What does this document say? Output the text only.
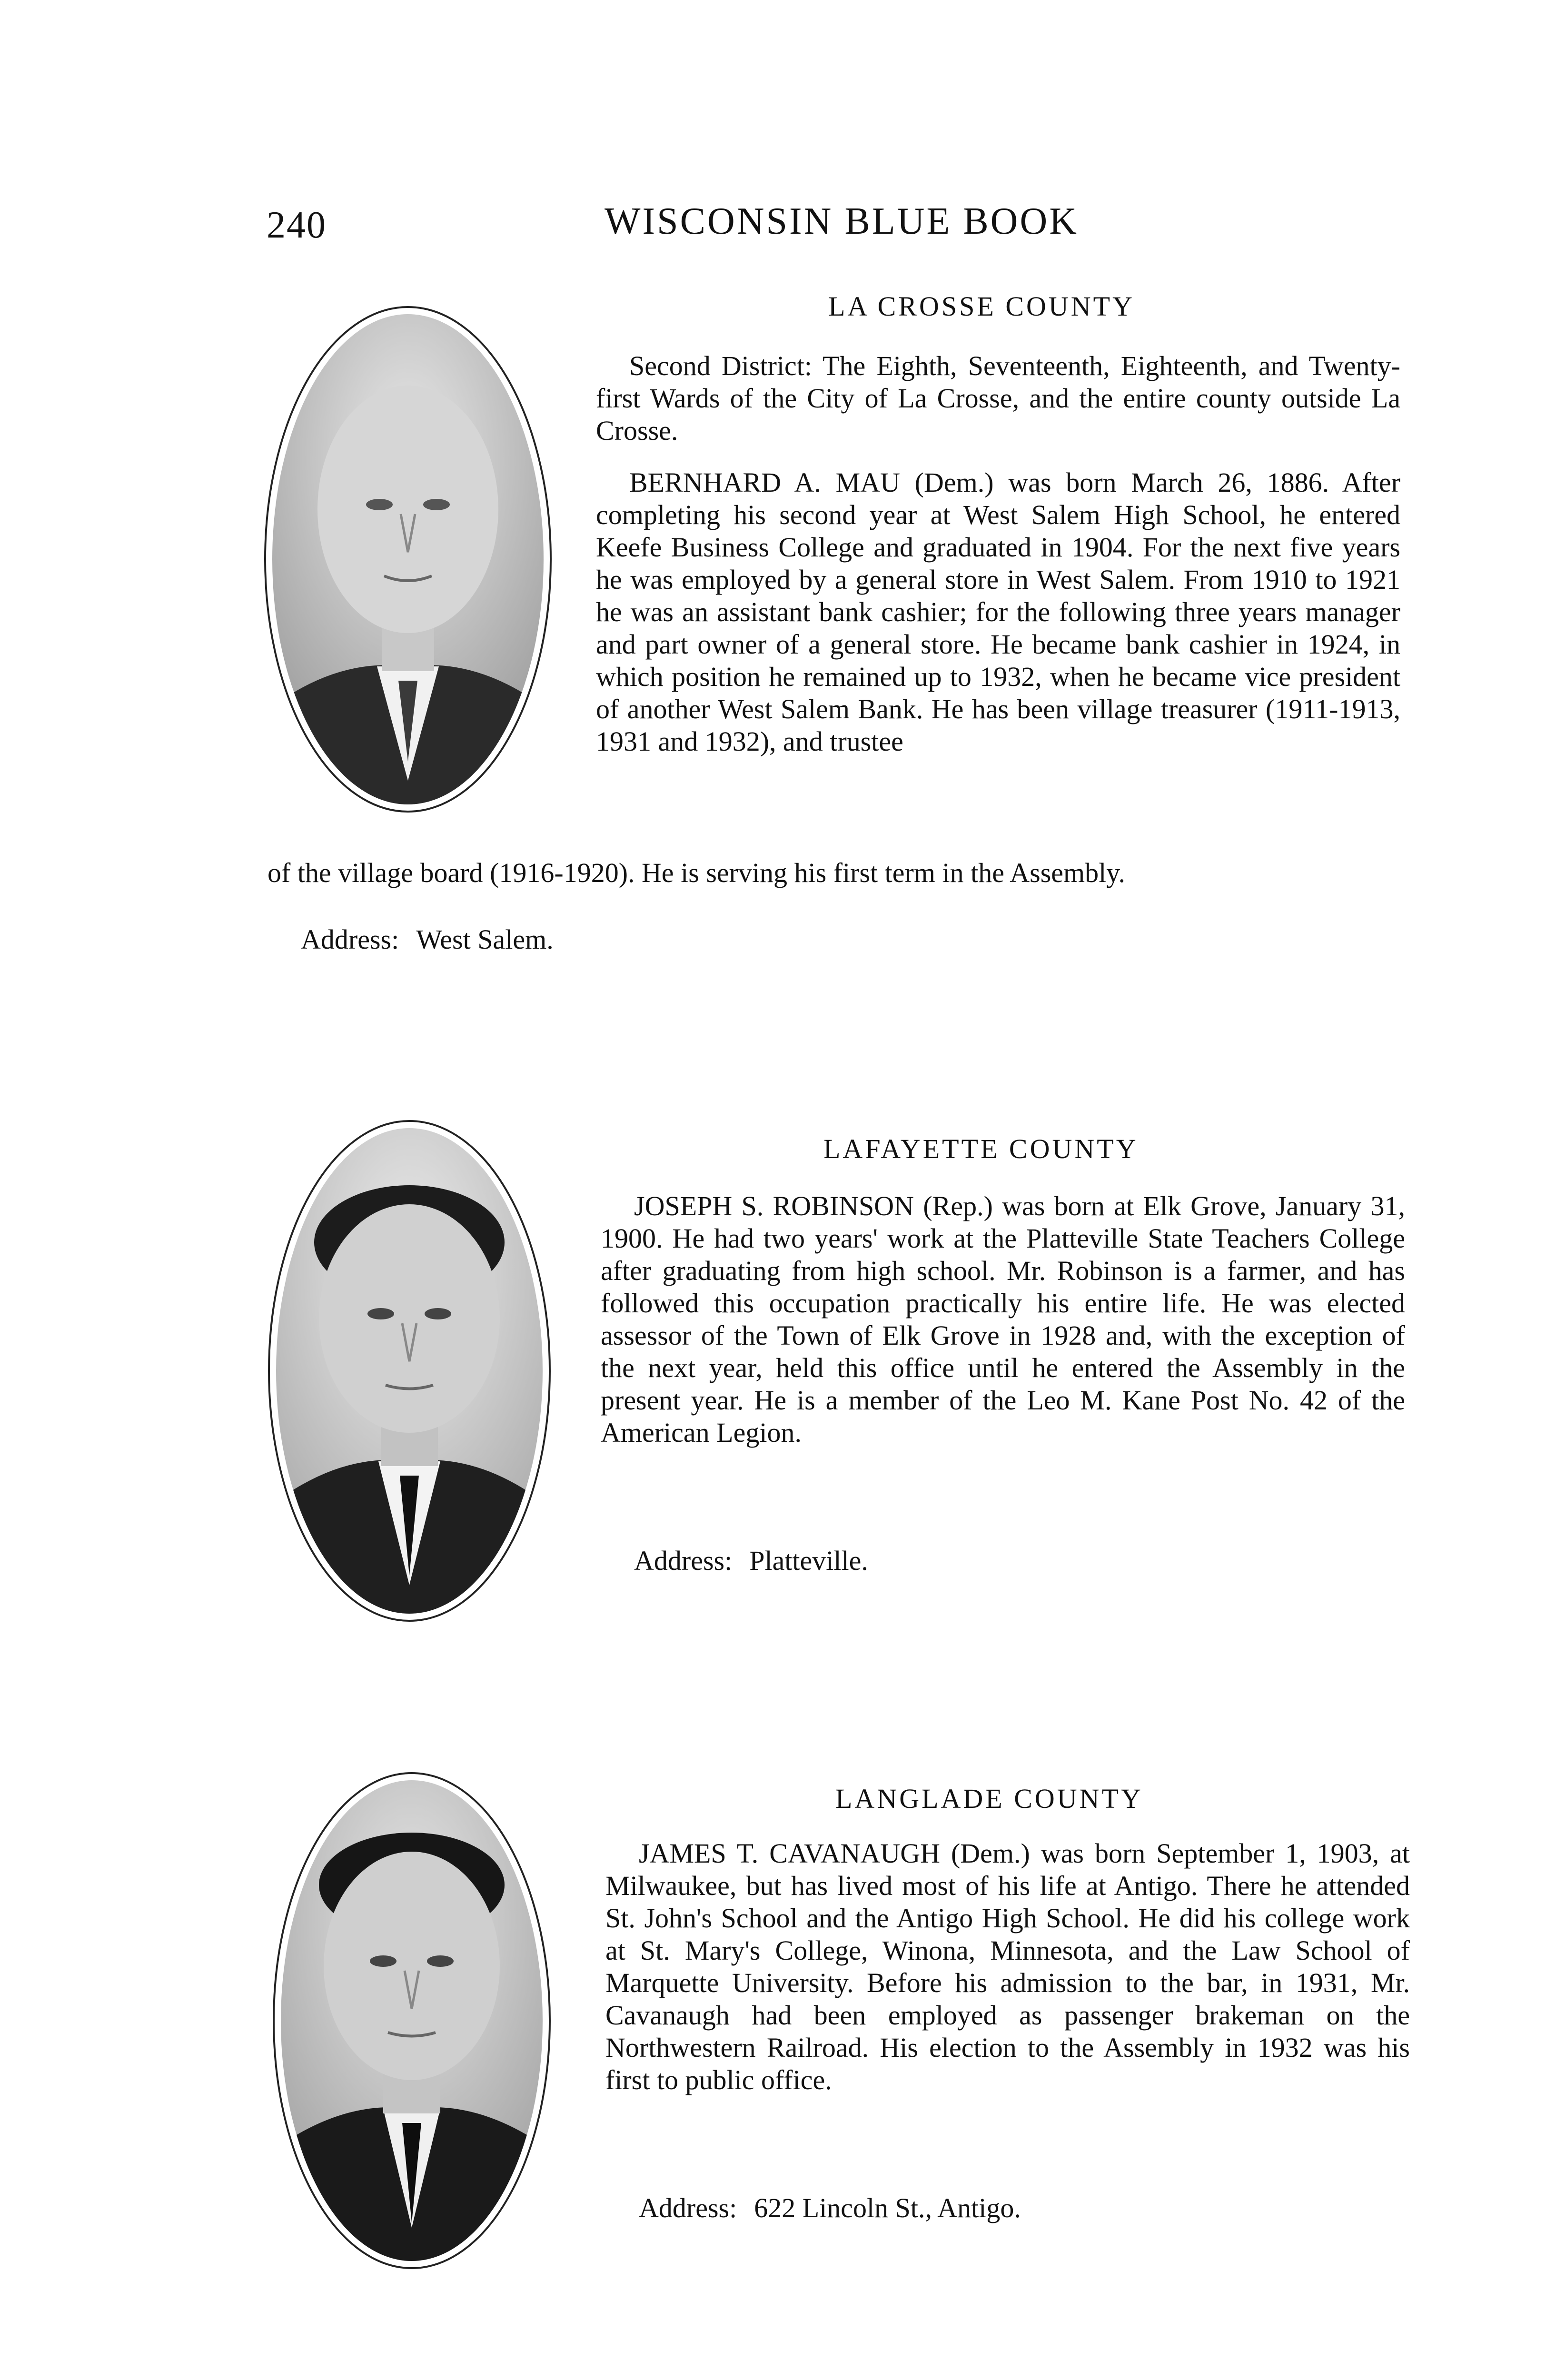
240	WISCONSIN BLUE BOOK
LA CROSSE COUNTY
Second District: The Eighth, Seventeenth, Eighteenth, and Twenty-first Wards of the City of La Crosse, and the entire county outside La Crosse.
BERNHARD A. MAU (Dem.) was born March 26, 1886. After completing his second year at West Salem High School, he entered Keefe Business College and graduated in 1904. For the next five years he was employed by a general store in West Salem. From 1910 to 1921 he was an assistant bank cashier; for the following three years manager and part owner of a general store. He became bank cashier in 1924, in which position he remained up to 1932, when he became vice president of another West Salem Bank. He has been village treasurer (1911-1913, 1931 and 1932), and trustee
of the village board (1916-1920). He is serving his first term in the Assembly.
Address: West Salem.
LAFAYETTE COUNTY
JOSEPH S. ROBINSON (Rep.) was born at Elk Grove, January 31, 1900. He had two years' work at the Platteville State Teachers College after graduating from high school. Mr. Robinson is a farmer, and has followed this occupation practically his entire life. He was elected assessor of the Town of Elk Grove in 1928 and, with the exception of the next year, held this office until he entered the Assembly in the present year. He is a member of the Leo M. Kane Post No. 42 of the American Legion.
Address: Platteville.
LANGLADE COUNTY
JAMES T. CAVANAUGH (Dem.) was born September 1, 1903, at Milwaukee, but has lived most of his life at Antigo. There he attended St. John's School and the Antigo High School. He did his college work at St. Mary's College, Winona, Minnesota, and the Law School of Marquette University. Before his admission to the bar, in 1931, Mr. Cavanaugh had been employed as passenger brakeman on the Northwestern Railroad. His election to the Assembly in 1932 was his first to public office.
Address: 622 Lincoln St., Antigo.
